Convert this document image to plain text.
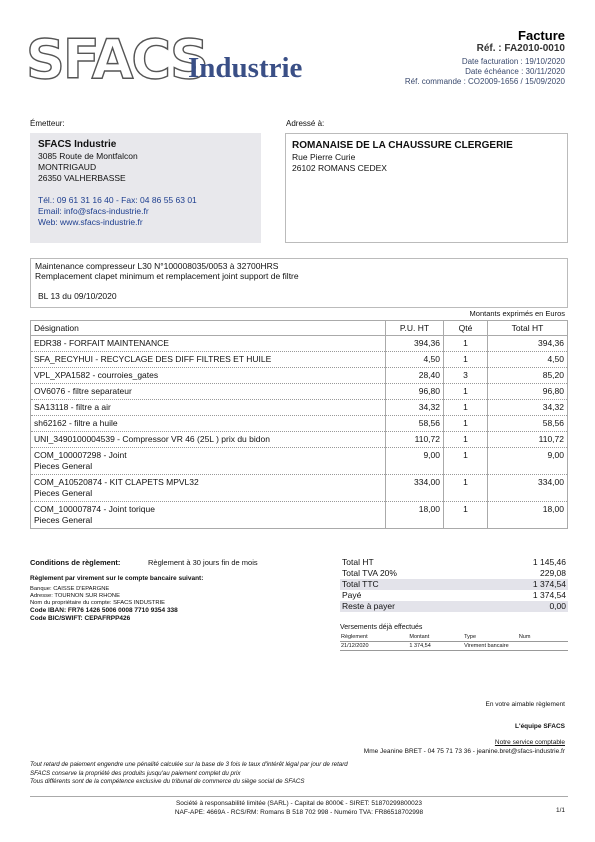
SFACS
Industrie
Facture
Réf. : FA2010-0010
Date facturation : 19/10/2020
Date échéance : 30/11/2020
Réf. commande : CO2009-1656 / 15/09/2020
Émetteur:	Adressé à:
SFACS Industrie
3085 Route de Montfalcon
MONTRIGAUD
26350 VALHERBASSE
Tél.: 09 61 31 16 40 - Fax: 04 86 55 63 01
Email: info@sfacs-industrie.fr
Web: www.sfacs-industrie.fr
ROMANAISE DE LA CHAUSSURE CLERGERIE
Rue Pierre Curie
26102 ROMANS CEDEX
Maintenance compresseur L30 N°100008035/0053 à 32700HRS
Remplacement clapet minimum et remplacement joint support de filtre
BL 13 du 09/10/2020
Montants exprimés en Euros
Désignation	P.U. HT	Qté	Total HT

EDR38 - FORFAIT MAINTENANCE	394,36	1	394,36

SFA_RECYHUI - RECYCLAGE DES DIFF FILTRES ET HUILE	4,50	1	4,50

VPL_XPA1582 - courroies_gates	28,40	3	85,20

OV6076 - filtre separateur	96,80	1	96,80

SA13118 - filtre a air	34,32	1	34,32

sh62162 - filtre a huile	58,56	1	58,56

UNI_3490100004539 - Compressor VR 46 (25L ) prix du bidon	110,72	1	110,72

COM_100007298 - Joint
Pieces General	9,00	1	9,00

COM_A10520874 - KIT CLAPETS MPVL32
Pieces General	334,00	1	334,00

COM_100007874 - Joint torique
Pieces General	18,00	1	18,00
Conditions de règlement:	Règlement à 30 jours fin de mois
Règlement par virement sur le compte bancaire suivant:
Banque: CAISSE D'EPARGNE
Adresse: TOURNON SUR RHONE
Nom du propriétaire du compte: SFACS INDUSTRIE
Code IBAN: FR76 1426 5006 0008 7710 9354 338
Code BIC/SWIFT: CEPAFRPP426
Total HT	1 145,46
Total TVA 20%	229,08
Total TTC	1 374,54
Payé	1 374,54
Reste à payer	0,00
Versements déjà effectués
Règlement	Montant	Type	Num
21/12/2020	1 374,54	Virement bancaire	
En votre aimable règlement
L'équipe SFACS
Notre service comptable
Mme Jeanine BRET - 04 75 71 73 36 - jeanine.bret@sfacs-industrie.fr
Tout retard de paiement engendre une pénalité calculée sur la base de 3 fois le taux d'intérêt légal par jour de retard
SFACS conserve la propriété des produits jusqu'au paiement complet du prix
Tous différents sont de la compétence exclusive du tribunal de commerce du siège social de SFACS
Société à responsabilité limitée (SARL) - Capital de 8000€ - SIRET: 51870299800023
NAF-APE: 4669A - RCS/RM: Romans B 518 702 998 - Numéro TVA: FR86518702998	1/1
